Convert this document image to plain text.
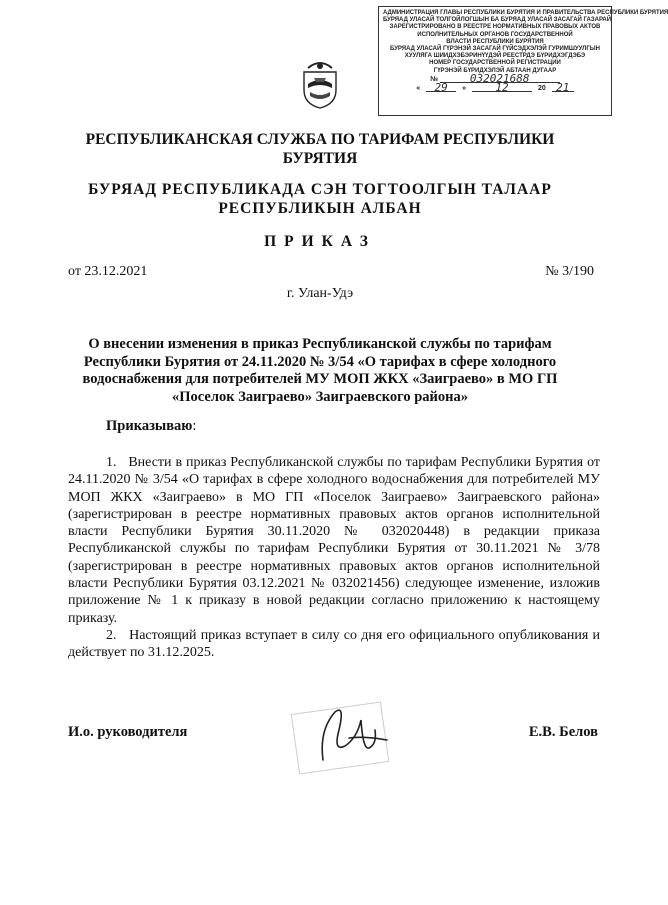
АДМИНИСТРАЦИЯ ГЛАВЫ РЕСПУБЛИКИ БУРЯТИЯ И ПРАВИТЕЛЬСТВА РЕСПУБЛИКИ БУРЯТИЯ
БУРЯАД УЛАСАЙ ТОЛГОЙЛОГШЫН БА БУРЯАД УЛАСАЙ ЗАСАГАЙ ГАЗАРАЙ
ЗАРЕГИСТРИРОВАНО В РЕЕСТРЕ НОРМАТИВНЫХ ПРАВОВЫХ АКТОВ
ИСПОЛНИТЕЛЬНЫХ ОРГАНОВ ГОСУДАРСТВЕННОЙ
ВЛАСТИ РЕСПУБЛИКИ БУРЯТИЯ
БУРЯАД УЛАСАЙ ГҮРЭНЭЙ ЗАСАГАЙ ГҮЙСЭДХЭЛЭЙ ГУРИМШУУЛГЫН
ХУУЛЯГА ШИИДХЭБЭРИНҮҮДЭЙ РЕЕСТРДЭ БҮРИДХЭГДЭБЭ
НОМЕР ГОСУДАРСТВЕННОЙ РЕГИСТРАЦИИ
ГҮРЭНЭЙ БҮРИДХЭЛЭЙ АБТААН ДУГААР
№
	032021688
«	29	»	12	20 21
РЕСПУБЛИКАНСКАЯ СЛУЖБА ПО ТАРИФАМ РЕСПУБЛИКИ БУРЯТИЯ
БУРЯАД РЕСПУБЛИКАДА СЭН ТОГТООЛГЫН ТАЛААР РЕСПУБЛИКЫН АЛБАН
ПРИКАЗ
от 23.12.2021	№ 3/190
г. Улан-Удэ
О внесении изменения в приказ Республиканской службы по тарифам Республики Бурятия от 24.11.2020 № 3/54 «О тарифах в сфере холодного водоснабжения для потребителей МУ МОП ЖКХ «Заиграево» в МО ГП «Поселок Заиграево» Заиграевского района»
Приказываю:

1.   Внести в приказ Республиканской службы по тарифам Республики Бурятия от 24.11.2020 № 3/54 «О тарифах в сфере холодного водоснабжения для потребителей МУ МОП ЖКХ «Заиграево» в МО ГП «Поселок Заиграево» Заиграевского района» (зарегистрирован в реестре нормативных правовых актов органов исполнительной власти Республики Бурятия 30.11.2020 № 032020448) в редакции приказа Республиканской службы по тарифам Республики Бурятия от 30.11.2021 № 3/78 (зарегистрирован в реестре нормативных правовых актов органов исполнительной власти Республики Бурятия 03.12.2021 № 032021456) следующее изменение, изложив приложение № 1 к приказу в новой редакции согласно приложению к настоящему приказу.

2.   Настоящий приказ вступает в силу со дня его официального опубликования и действует по 31.12.2025.

И.о. руководителя	Е.В. Белов
